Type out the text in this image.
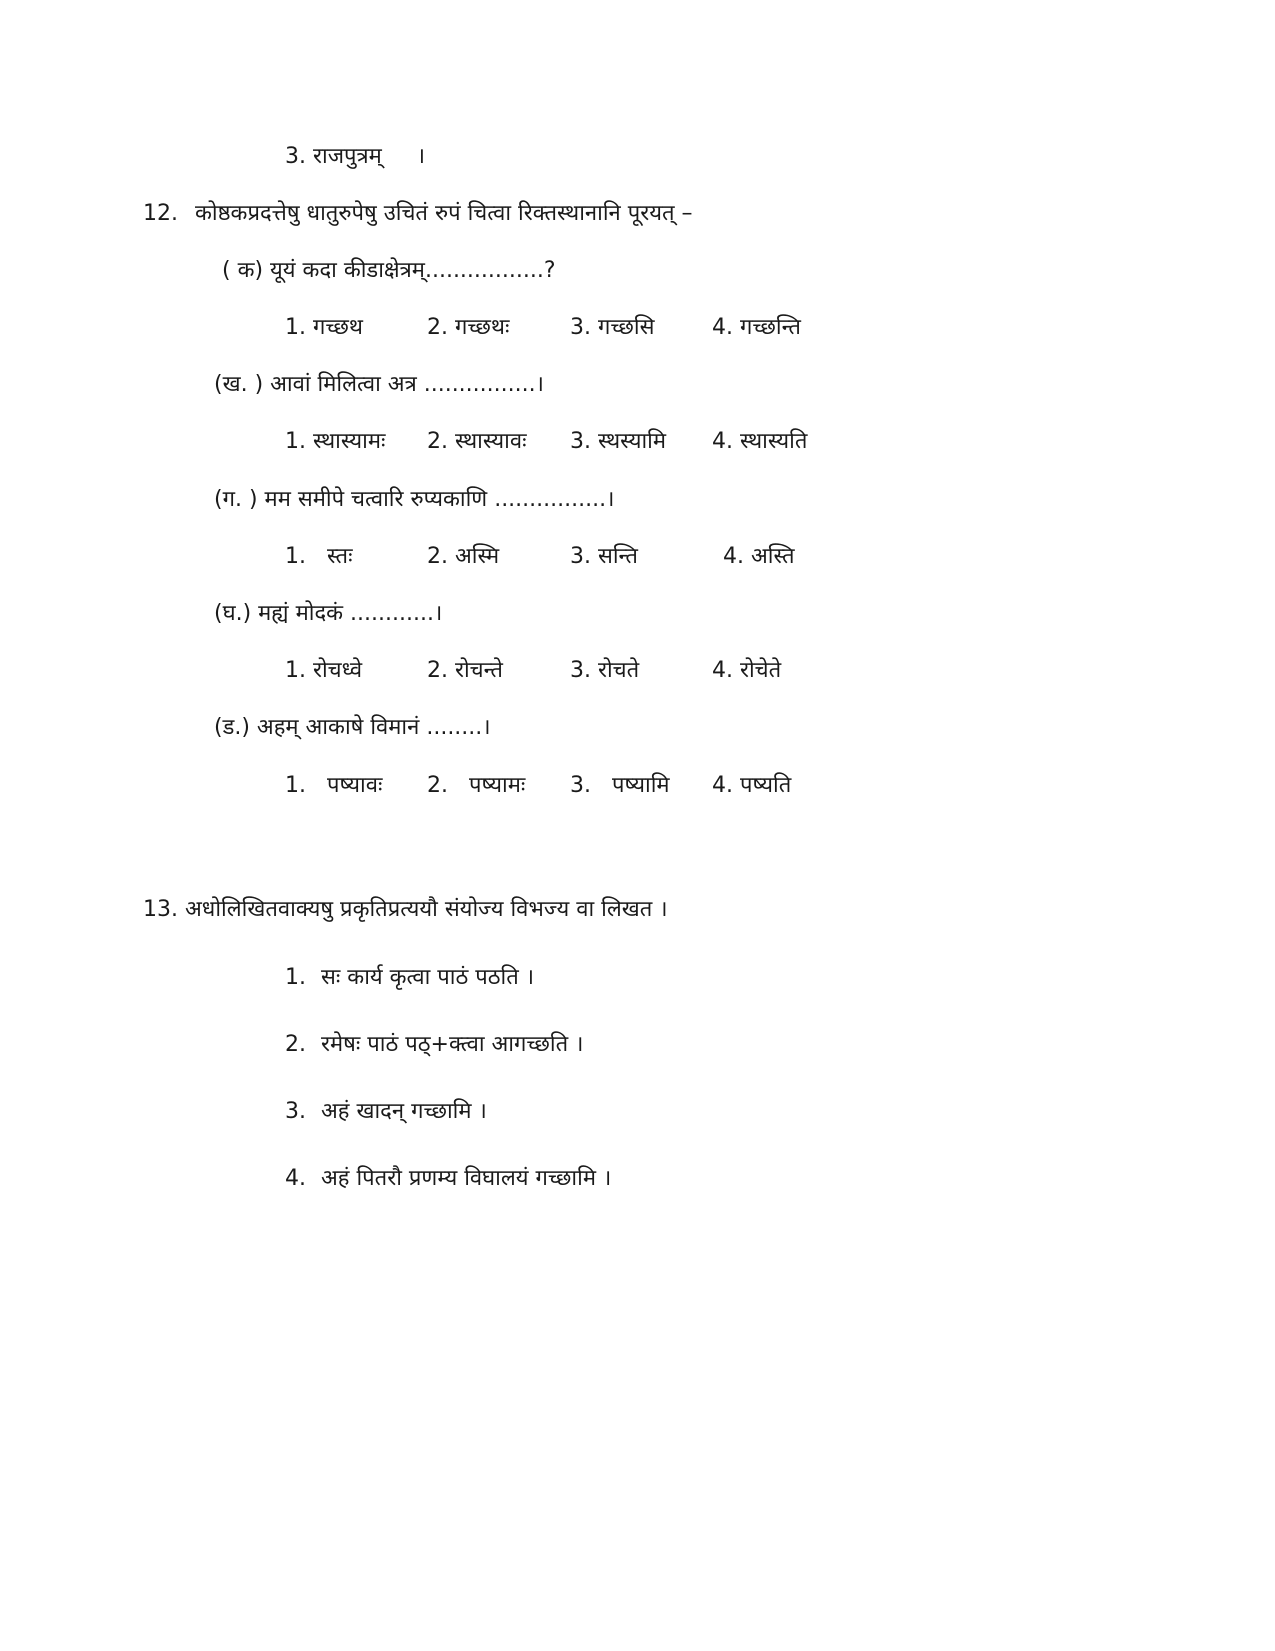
3. राजपुत्रम्     ।
12. कोष्ठकप्रदत्तेषु धातुरुपेषु उचितं रुपं चित्वा रिक्तस्थानानि पूरयत् –
( क) यूयं कदा कीडाक्षेत्रम्.................?
1. गच्छथ	2. गच्छथः	3. गच्छसि	4. गच्छन्ति
(ख. ) आवां मिलित्वा अत्र ................।
1. स्थास्यामः 2. स्थास्यावः 3. स्थस्यामि 4. स्थास्यति
(ग. ) मम समीपे चत्वारि रुप्यकाणि ................।
1.   स्तः	2. अस्मि	3. सन्ति	4. अस्ति
(घ.) मह्यं मोदकं ............।
1. रोचध्वे	2. रोचन्ते	3. रोचते	4. रोचेते
(ड.) अहम् आकाषे विमानं ........।
1.   पष्यावः 2.   पष्यामः 3.   पष्यामि 4. पष्यति
13. अधोलिखितवाक्यषु प्रकृतिप्रत्ययौ संयोज्य विभज्य वा लिखत ।
1. सः कार्य कृत्वा पाठं पठति ।
2. रमेषः पाठं पठ्+क्त्वा आगच्छति ।
3. अहं खादन् गच्छामि ।
4. अहं पितरौ प्रणम्य विघालयं गच्छामि ।
